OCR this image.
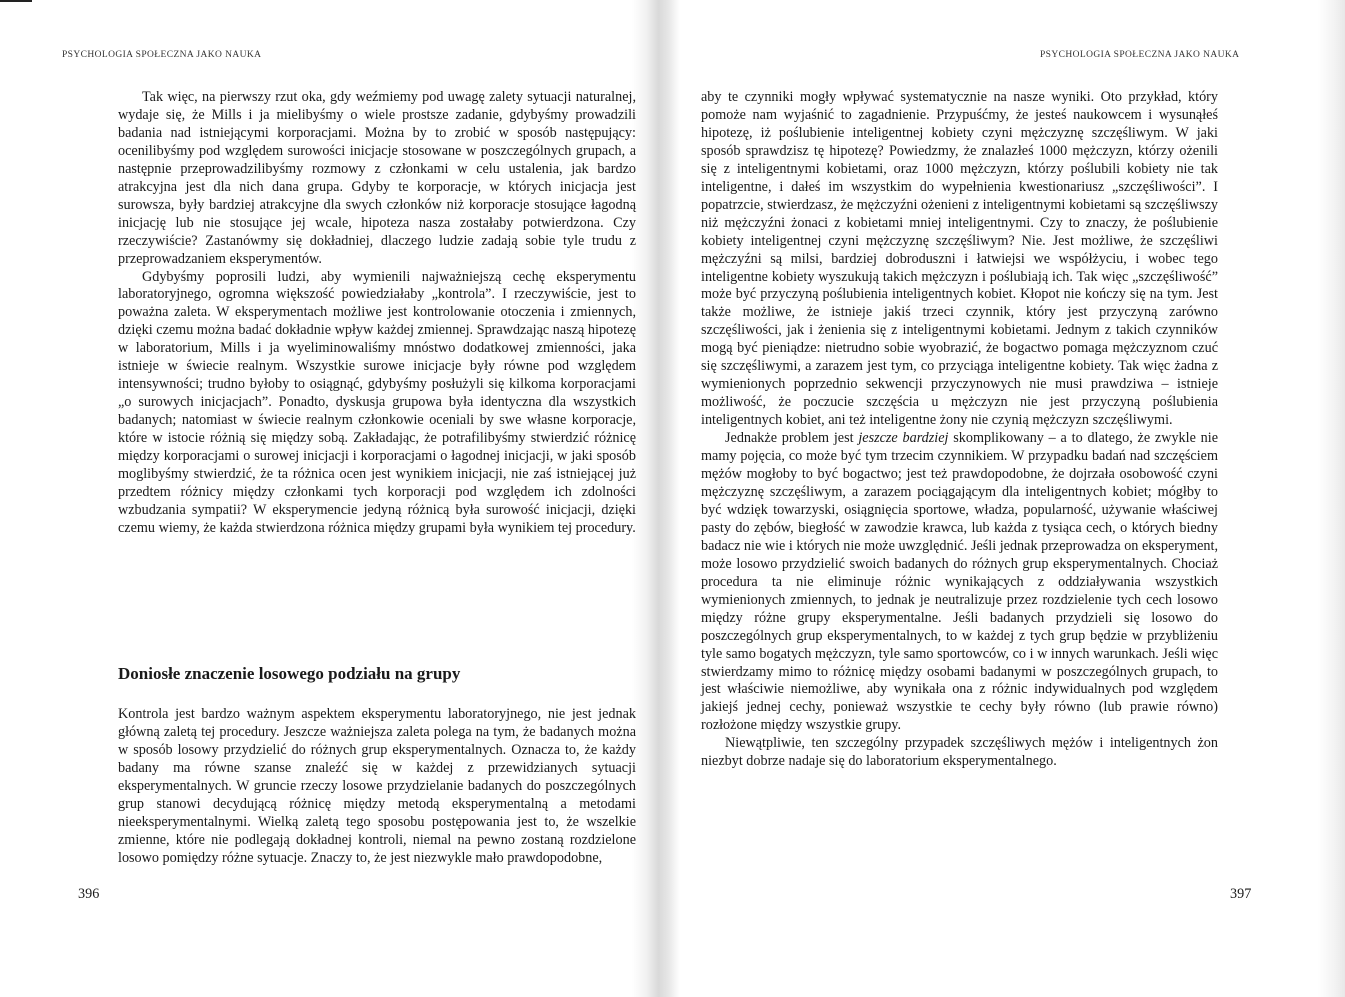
PSYCHOLOGIA SPOŁECZNA JAKO NAUKA	PSYCHOLOGIA SPOŁECZNA JAKO NAUKA

Tak więc, na pierwszy rzut oka, gdy weźmiemy pod uwagę zalety sytuacji naturalnej, wydaje się, że Mills i ja mielibyśmy o wiele prostsze zadanie, gdybyśmy prowadzili badania nad istniejącymi korporacjami. Można by to zrobić w sposób następujący: ocenilibyśmy pod względem surowości inicjacje stosowane w poszczególnych grupach, a następnie przeprowadzilibyśmy rozmowy z członkami w celu ustalenia, jak bardzo atrakcyjna jest dla nich dana grupa. Gdyby te korporacje, w których inicjacja jest surowsza, były bardziej atrakcyjne dla swych członków niż korporacje stosujące łagodną inicjację lub nie stosujące jej wcale, hipoteza nasza zostałaby potwierdzona. Czy rzeczywiście? Zastanówmy się dokładniej, dlaczego ludzie zadają sobie tyle trudu z przeprowadzaniem eksperymentów.

Gdybyśmy poprosili ludzi, aby wymienili najważniejszą cechę eksperymentu laboratoryjnego, ogromna większość powiedziałaby „kontrola”. I rzeczywiście, jest to poważna zaleta. W eksperymentach możliwe jest kontrolowanie otoczenia i zmiennych, dzięki czemu można badać dokładnie wpływ każdej zmiennej. Sprawdzając naszą hipotezę w laboratorium, Mills i ja wyeliminowaliśmy mnóstwo dodatkowej zmienności, jaka istnieje w świecie realnym. Wszystkie surowe inicjacje były równe pod względem intensywności; trudno byłoby to osiągnąć, gdybyśmy posłużyli się kilkoma korporacjami „o surowych inicjacjach”. Ponadto, dyskusja grupowa była identyczna dla wszystkich badanych; natomiast w świecie realnym członkowie oceniali by swe własne korporacje, które w istocie różnią się między sobą. Zakładając, że potrafilibyśmy stwierdzić różnicę między korporacjami o surowej inicjacji i korporacjami o łagodnej inicjacji, w jaki sposób moglibyśmy stwierdzić, że ta różnica ocen jest wynikiem inicjacji, nie zaś istniejącej już przedtem różnicy między członkami tych korporacji pod względem ich zdolności wzbudzania sympatii? W eksperymencie jedyną różnicą była surowość inicjacji, dzięki czemu wiemy, że każda stwierdzona różnica między grupami była wynikiem tej procedury.

Doniosłe znaczenie losowego podziału na grupy

Kontrola jest bardzo ważnym aspektem eksperymentu laboratoryjnego, nie jest jednak główną zaletą tej procedury. Jeszcze ważniejsza zaleta polega na tym, że badanych można w sposób losowy przydzielić do różnych grup eksperymentalnych. Oznacza to, że każdy badany ma równe szanse znaleźć się w każdej z przewidzianych sytuacji eksperymentalnych. W gruncie rzeczy losowe przydzielanie badanych do poszczególnych grup stanowi decydującą różnicę między metodą eksperymentalną a metodami nieeksperymentalnymi. Wielką zaletą tego sposobu postępowania jest to, że wszelkie zmienne, które nie podlegają dokładnej kontroli, niemal na pewno zostaną rozdzielone losowo pomiędzy różne sytuacje. Znaczy to, że jest niezwykle mało prawdopodobne,

396

aby te czynniki mogły wpływać systematycznie na nasze wyniki. Oto przykład, który pomoże nam wyjaśnić to zagadnienie. Przypuśćmy, że jesteś naukowcem i wysunąłeś hipotezę, iż poślubienie inteligentnej kobiety czyni mężczyznę szczęśliwym. W jaki sposób sprawdzisz tę hipotezę? Powiedzmy, że znalazłeś 1000 mężczyzn, którzy ożenili się z inteligentnymi kobietami, oraz 1000 mężczyzn, którzy poślubili kobiety nie tak inteligentne, i dałeś im wszystkim do wypełnienia kwestionariusz „szczęśliwości”. I popatrzcie, stwierdzasz, że mężczyźni ożenieni z inteligentnymi kobietami są szczęśliwszy niż mężczyźni żonaci z kobietami mniej inteligentnymi. Czy to znaczy, że poślubienie kobiety inteligentnej czyni mężczyznę szczęśliwym? Nie. Jest możliwe, że szczęśliwi mężczyźni są milsi, bardziej dobroduszni i łatwiejsi we współżyciu, i wobec tego inteligentne kobiety wyszukują takich mężczyzn i poślubiają ich. Tak więc „szczęśliwość” może być przyczyną poślubienia inteligentnych kobiet. Kłopot nie kończy się na tym. Jest także możliwe, że istnieje jakiś trzeci czynnik, który jest przyczyną zarówno szczęśliwości, jak i żenienia się z inteligentnymi kobietami. Jednym z takich czynników mogą być pieniądze: nietrudno sobie wyobrazić, że bogactwo pomaga mężczyznom czuć się szczęśliwymi, a zarazem jest tym, co przyciąga inteligentne kobiety. Tak więc żadna z wymienionych poprzednio sekwencji przyczynowych nie musi prawdziwa – istnieje możliwość, że poczucie szczęścia u mężczyzn nie jest przyczyną poślubienia inteligentnych kobiet, ani też inteligentne żony nie czynią mężczyzn szczęśliwymi.

Jednakże problem jest jeszcze bardziej skomplikowany – a to dlatego, że zwykle nie mamy pojęcia, co może być tym trzecim czynnikiem. W przypadku badań nad szczęściem mężów mogłoby to być bogactwo; jest też prawdopodobne, że dojrzała osobowość czyni mężczyznę szczęśliwym, a zarazem pociągającym dla inteligentnych kobiet; mógłby to być wdzięk towarzyski, osiągnięcia sportowe, władza, popularność, używanie właściwej pasty do zębów, biegłość w zawodzie krawca, lub każda z tysiąca cech, o których biedny badacz nie wie i których nie może uwzględnić. Jeśli jednak przeprowadza on eksperyment, może losowo przydzielić swoich badanych do różnych grup eksperymentalnych. Chociaż procedura ta nie eliminuje różnic wynikających z oddziaływania wszystkich wymienionych zmiennych, to jednak je neutralizuje przez rozdzielenie tych cech losowo między różne grupy eksperymentalne. Jeśli badanych przydzieli się losowo do poszczególnych grup eksperymentalnych, to w każdej z tych grup będzie w przybliżeniu tyle samo bogatych mężczyzn, tyle samo sportowców, co i w innych warunkach. Jeśli więc stwierdzamy mimo to różnicę między osobami badanymi w poszczególnych grupach, to jest właściwie niemożliwe, aby wynikała ona z różnic indywidualnych pod względem jakiejś jednej cechy, ponieważ wszystkie te cechy były równo (lub prawie równo) rozłożone między wszystkie grupy.

Niewątpliwie, ten szczególny przypadek szczęśliwych mężów i inteligentnych żon niezbyt dobrze nadaje się do laboratorium eksperymentalnego.

397
